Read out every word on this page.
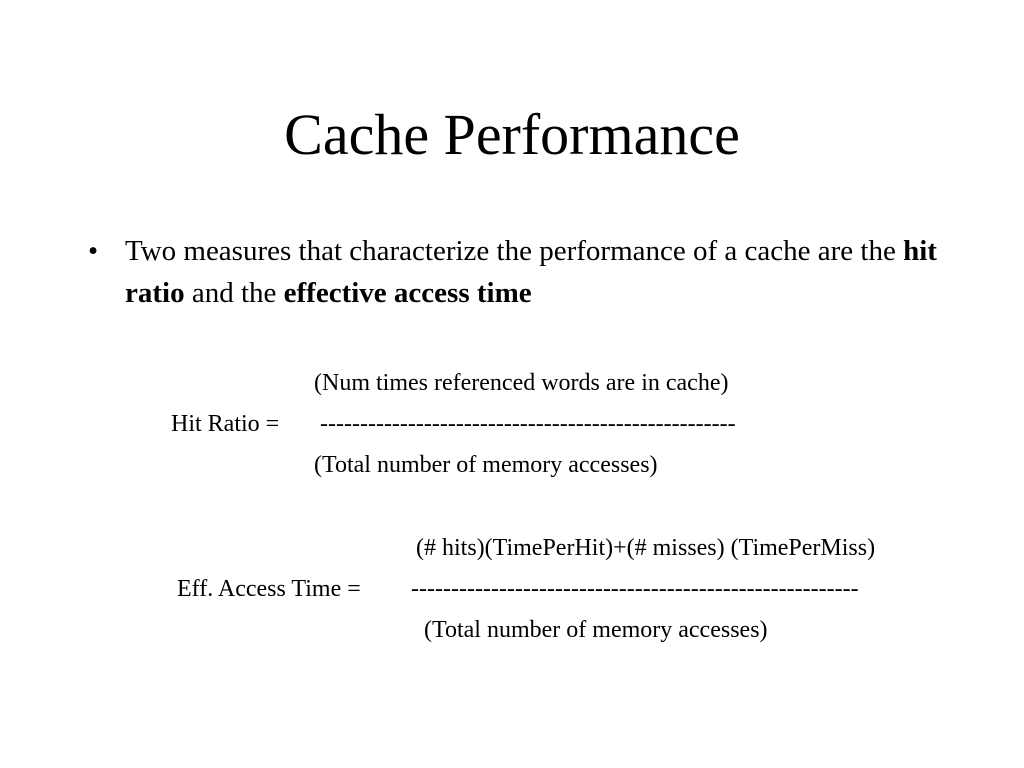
Cache Performance
• Two measures that characterize the performance of a cache are the hit ratio and the effective access time
(Num times referenced words are in cache)
Hit Ratio = ----------------------------------------------------
(Total number of memory accesses)
(# hits)(TimePerHit)+(# misses) (TimePerMiss)
Eff. Access Time = --------------------------------------------------------
(Total number of memory accesses)
